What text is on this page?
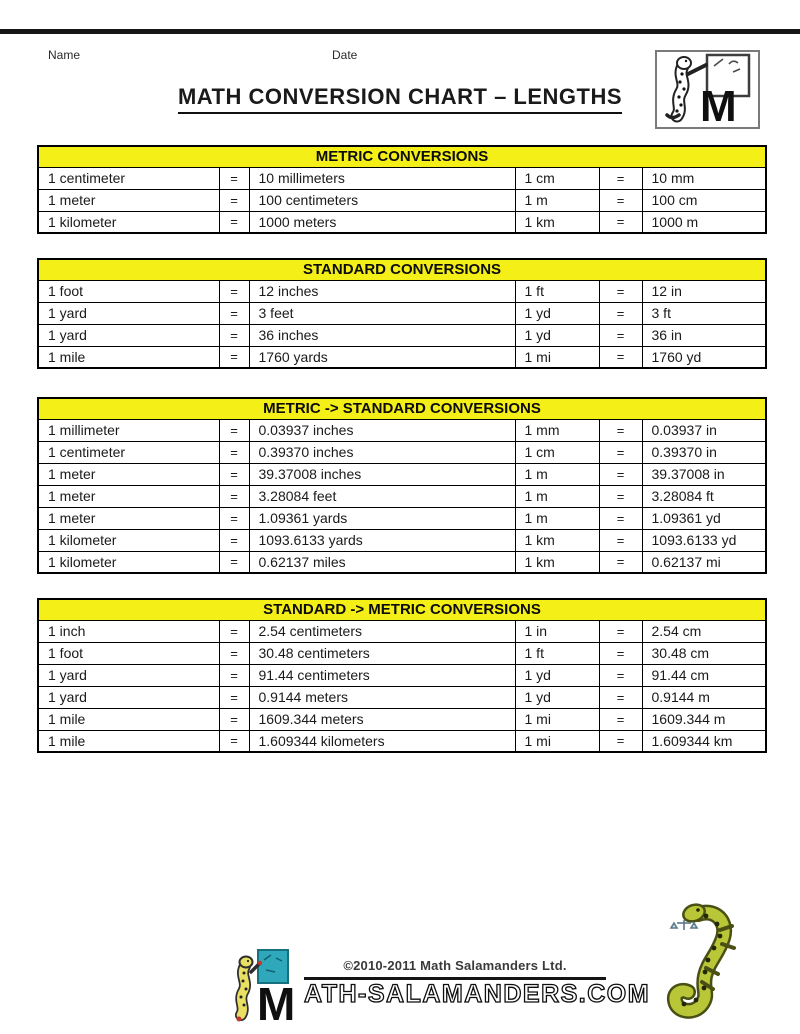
Name	Date
M
MATH CONVERSION CHART – LENGTHS
METRIC CONVERSIONS					
1 centimeter	=	10 millimeters	1 cm	=	10 mm
1 meter	=	100 centimeters	1 m	=	100 cm
1 kilometer	=	1000 meters	1 km	=	1000 m
STANDARD CONVERSIONS					
1 foot	=	12 inches	1 ft	=	12 in
1 yard	=	3 feet	1 yd	=	3 ft
1 yard	=	36 inches	1 yd	=	36 in
1 mile	=	1760 yards	1 mi	=	1760 yd
METRIC -> STANDARD CONVERSIONS					
1 millimeter	=	0.03937 inches	1 mm	=	0.03937 in
1 centimeter	=	0.39370 inches	1 cm	=	0.39370 in
1 meter	=	39.37008 inches	1 m	=	39.37008 in
1 meter	=	3.28084 feet	1 m	=	3.28084 ft
1 meter	=	1.09361 yards	1 m	=	1.09361 yd
1 kilometer	=	1093.6133 yards	1 km	=	1093.6133 yd
1 kilometer	=	0.62137 miles	1 km	=	0.62137 mi
STANDARD -> METRIC CONVERSIONS					
1 inch	=	2.54 centimeters	1 in	=	2.54 cm
1 foot	=	30.48 centimeters	1 ft	=	30.48 cm
1 yard	=	91.44 centimeters	1 yd	=	91.44 cm
1 yard	=	0.9144 meters	1 yd	=	0.9144 m
1 mile	=	1609.344 meters	1 mi	=	1609.344 m
1 mile	=	1.609344 kilometers	1 mi	=	1.609344 km
M
©2010-2011 Math Salamanders Ltd.
ATH-SALAMANDERS.COM
